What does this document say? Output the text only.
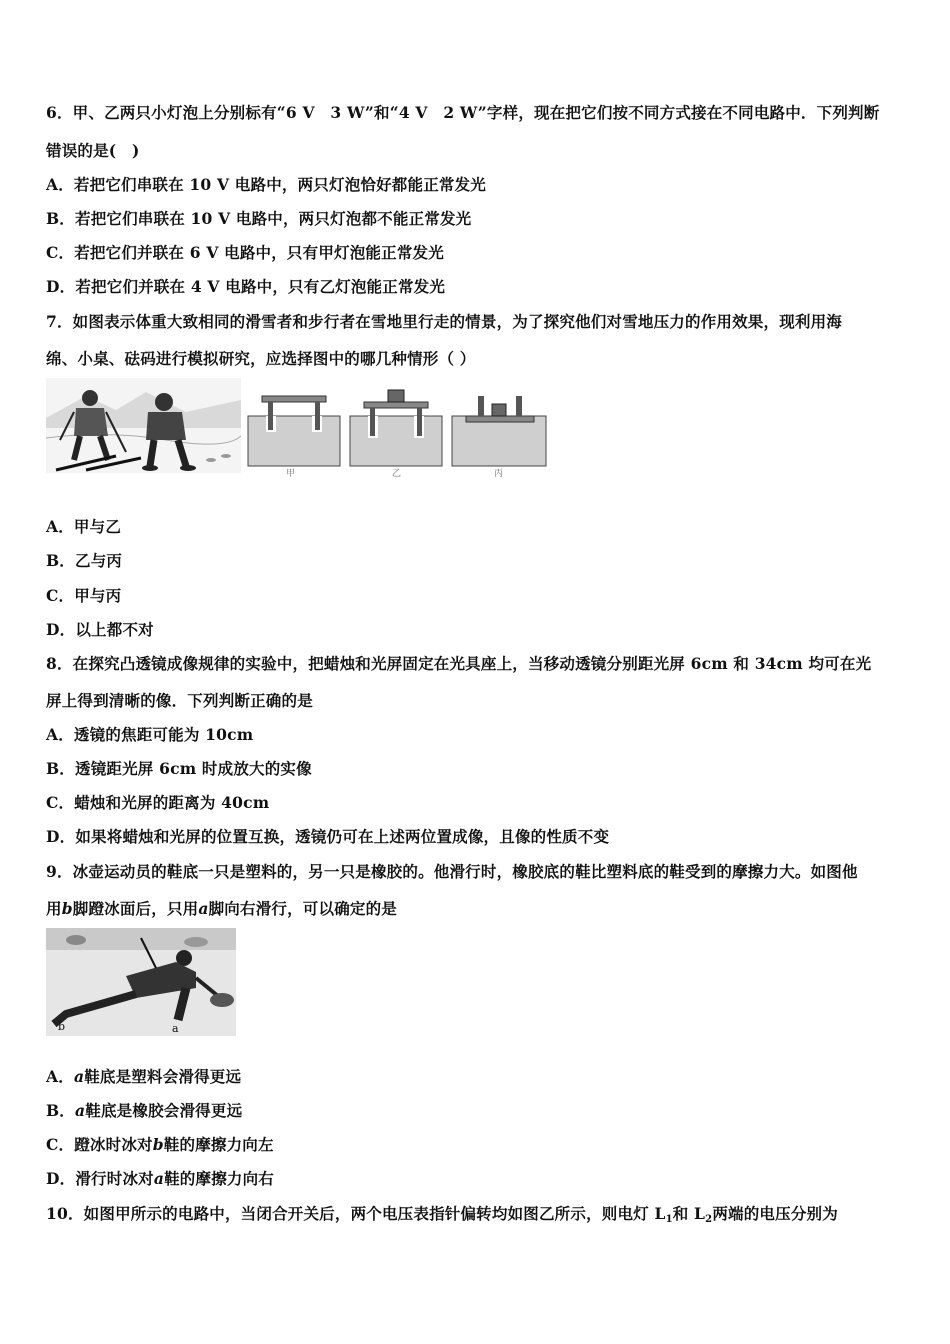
6．甲、乙两只小灯泡上分别标有“6 V　3 W”和“4 V　2 W”字样，现在把它们按不同方式接在不同电路中．下列判断
错误的是(　)
A．若把它们串联在 10 V 电路中，两只灯泡恰好都能正常发光
B．若把它们串联在 10 V 电路中，两只灯泡都不能正常发光
C．若把它们并联在 6 V 电路中，只有甲灯泡能正常发光
D．若把它们并联在 4 V 电路中，只有乙灯泡能正常发光
7．如图表示体重大致相同的滑雪者和步行者在雪地里行走的情景，为了探究他们对雪地压力的作用效果，现利用海
绵、小桌、砝码进行模拟研究，应选择图中的哪几种情形（ ）
甲	乙	丙
A．甲与乙
B．乙与丙
C．甲与丙
D．以上都不对
8．在探究凸透镜成像规律的实验中，把蜡烛和光屏固定在光具座上，当移动透镜分别距光屏 6cm 和 34cm 均可在光
屏上得到清晰的像．下列判断正确的是
A．透镜的焦距可能为 10cm
B．透镜距光屏 6cm 时成放大的实像
C．蜡烛和光屏的距离为 40cm
D．如果将蜡烛和光屏的位置互换，透镜仍可在上述两位置成像，且像的性质不变
9．冰壶运动员的鞋底一只是塑料的，另一只是橡胶的。他滑行时，橡胶底的鞋比塑料底的鞋受到的摩擦力大。如图他
用b脚蹬冰面后，只用a脚向右滑行，可以确定的是
b	a
A．a鞋底是塑料会滑得更远
B．a鞋底是橡胶会滑得更远
C．蹬冰时冰对b鞋的摩擦力向左
D．滑行时冰对a鞋的摩擦力向右
10．如图甲所示的电路中，当闭合开关后，两个电压表指针偏转均如图乙所示，则电灯 $L_1$和 $L_2$两端的电压分别为
